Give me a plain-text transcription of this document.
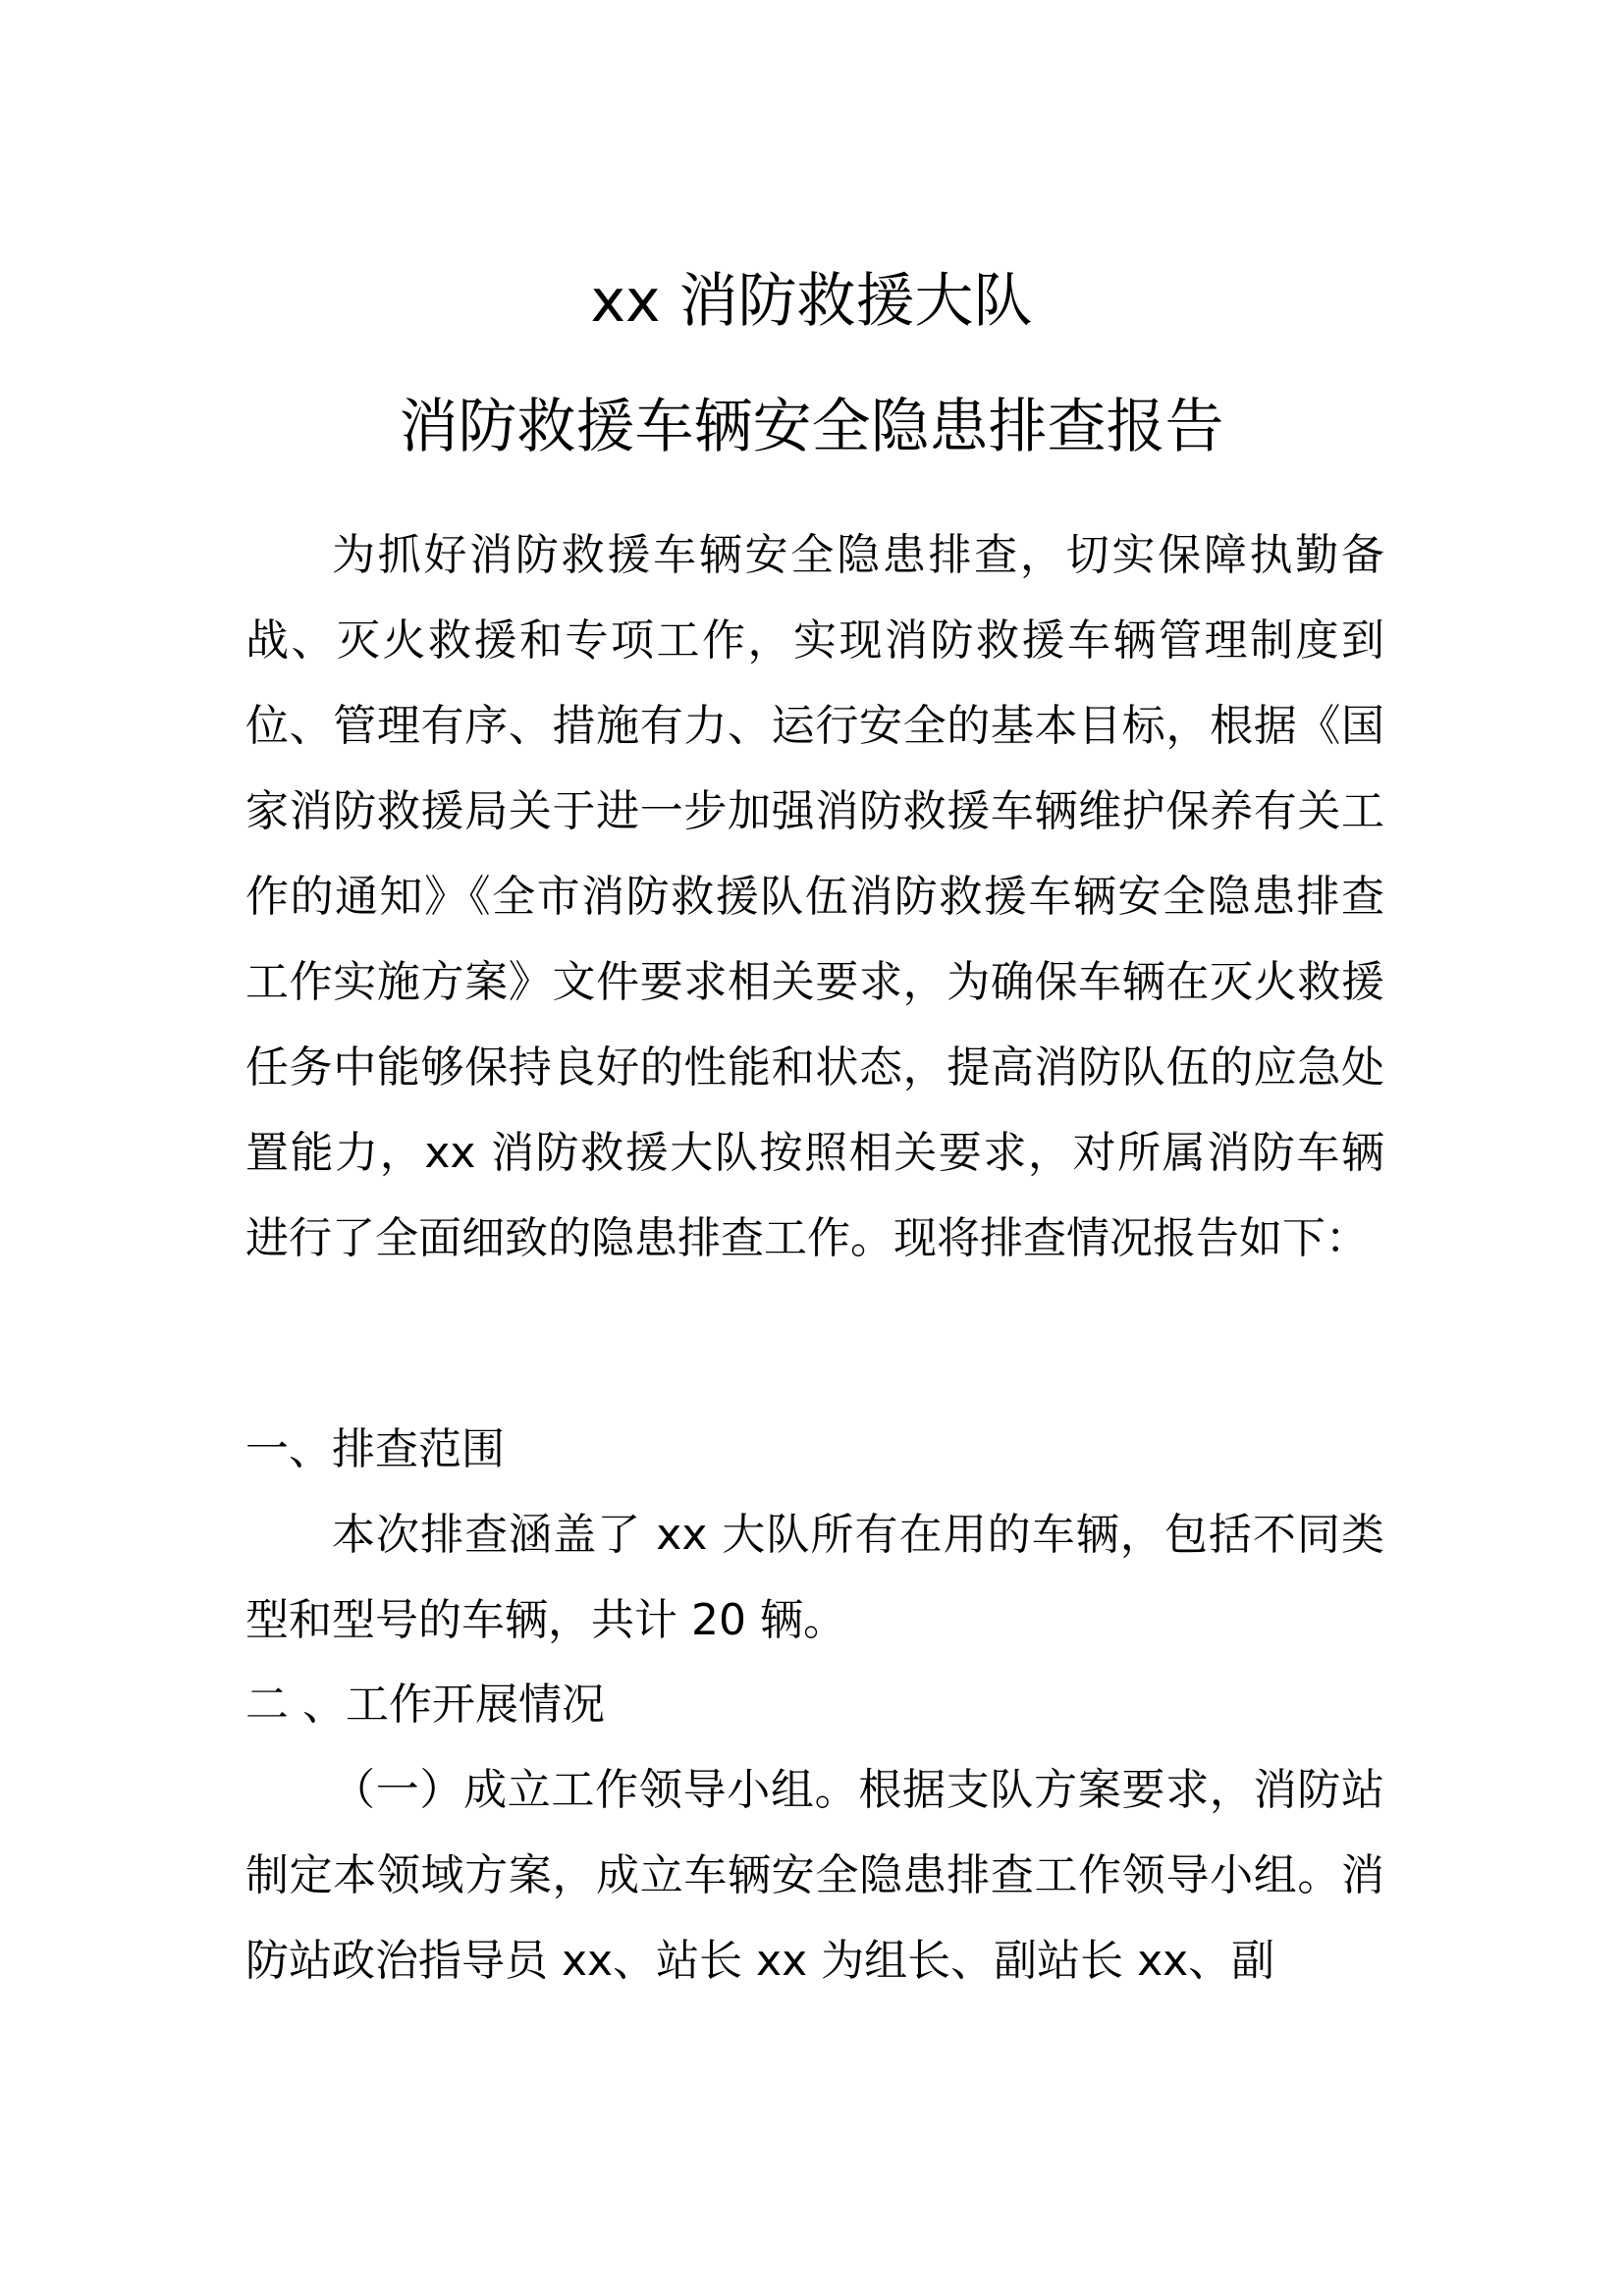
xx 消防救援大队
消防救援车辆安全隐患排查报告

为抓好消防救援车辆安全隐患排查，切实保障执勤备战、灭火救援和专项工作，实现消防救援车辆管理制度到位、管理有序、措施有力、运行安全的基本目标，根据《国家消防救援局关于进一步加强消防救援车辆维护保养有关工作的通知》《全市消防救援队伍消防救援车辆安全隐患排查工作实施方案》文件要求相关要求，为确保车辆在灭火救援任务中能够保持良好的性能和状态，提高消防队伍的应急处置能力，xx 消防救援大队按照相关要求，对所属消防车辆进行了全面细致的隐患排查工作。现将排查情况报告如下：

一、排查范围

本次排查涵盖了 xx 大队所有在用的车辆，包括不同类型和型号的车辆，共计 20 辆。

二 、工作开展情况

（一）成立工作领导小组。根据支队方案要求，消防站制定本领域方案，成立车辆安全隐患排查工作领导小组。消防站政治指导员 xx、站长 xx 为组长、副站长 xx、副
